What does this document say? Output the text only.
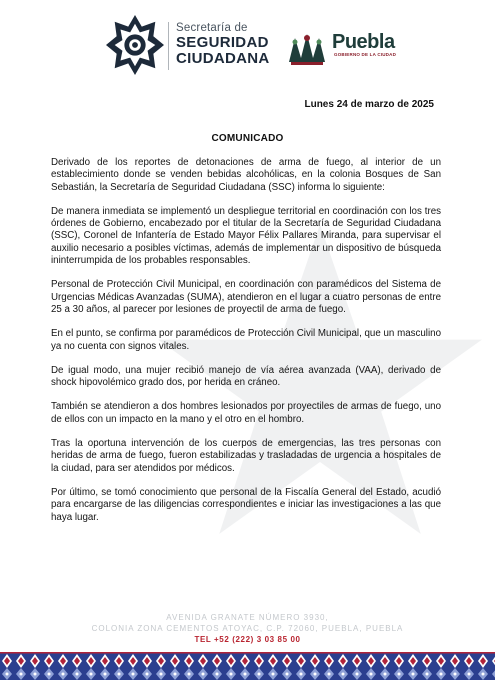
Secretaría de
SEGURIDAD
CIUDADANA
Puebla
GOBIERNO DE LA CIUDAD
Lunes 24 de marzo de 2025
COMUNICADO

Derivado de los reportes de detonaciones de arma de fuego, al interior de un establecimiento donde se venden bebidas alcohólicas, en la colonia Bosques de San Sebastián, la Secretaría de Seguridad Ciudadana (SSC) informa lo siguiente:

De manera inmediata se implementó un despliegue territorial en coordinación con los tres órdenes de Gobierno, encabezado por el titular de la Secretaría de Seguridad Ciudadana (SSC), Coronel de Infantería de Estado Mayor Félix Pallares Miranda, para supervisar el auxilio necesario a posibles víctimas, además de implementar un dispositivo de búsqueda ininterrumpida de los probables responsables.

Personal de Protección Civil Municipal, en coordinación con paramédicos del Sistema de Urgencias Médicas Avanzadas (SUMA), atendieron en el lugar a cuatro personas de entre 25 a 30 años, al parecer por lesiones de proyectil de arma de fuego.

En el punto, se confirma por paramédicos de Protección Civil Municipal, que un masculino ya no cuenta con signos vitales.

De igual modo, una mujer recibió manejo de vía aérea avanzada (VAA), derivado de shock hipovolémico grado dos, por herida en cráneo.

También se atendieron a dos hombres lesionados por proyectiles de armas de fuego, uno de ellos con un impacto en la mano y el otro en el hombro.

Tras la oportuna intervención de los cuerpos de emergencias, las tres personas con heridas de arma de fuego, fueron estabilizadas y trasladadas de urgencia a hospitales de la ciudad, para ser atendidos por médicos.

Por último, se tomó conocimiento que personal de la Fiscalía General del Estado, acudió para encargarse de las diligencias correspondientes e iniciar las investigaciones a las que haya lugar.

AVENIDA GRANATE NÚMERO 3930,
COLONIA ZONA CEMENTOS ATOYAC, C.P. 72060, PUEBLA, PUEBLA
TEL +52 (222) 3 03 85 00
